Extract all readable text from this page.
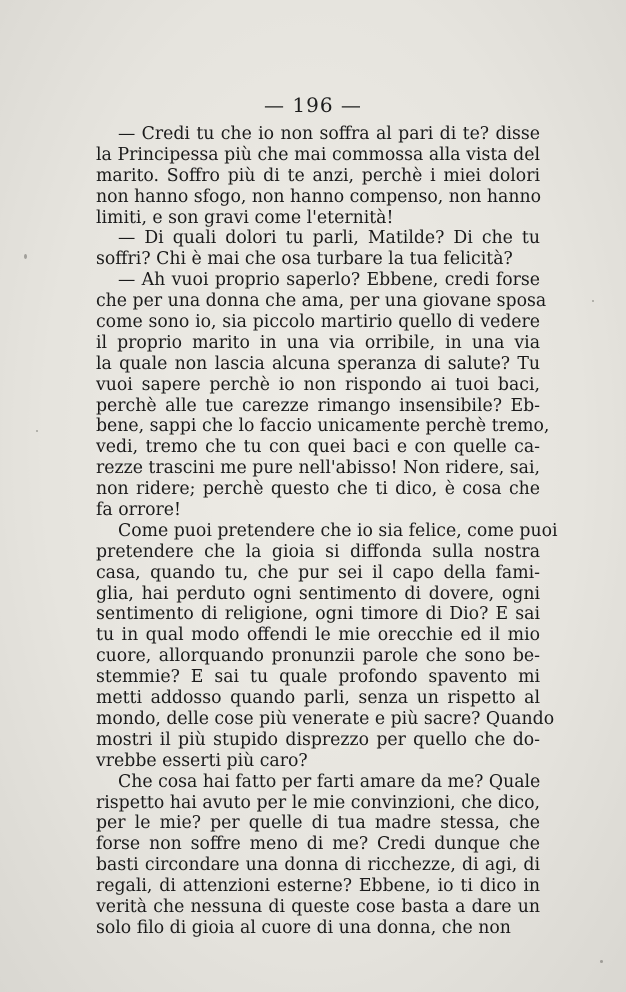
— 196 —
— Credi tu che io non soffra al pari di te? disse
la Principessa più che mai commossa alla vista del
marito. Soffro più di te anzi, perchè i miei dolori
non hanno sfogo, non hanno compenso, non hanno
limiti, e son gravi come l'eternità!
— Di quali dolori tu parli, Matilde? Di che tu
soffri? Chi è mai che osa turbare la tua felicità?
— Ah vuoi proprio saperlo? Ebbene, credi forse
che per una donna che ama, per una giovane sposa
come sono io, sia piccolo martirio quello di vedere
il proprio marito in una via orribile, in una via
la quale non lascia alcuna speranza di salute? Tu
vuoi sapere perchè io non rispondo ai tuoi baci,
perchè alle tue carezze rimango insensibile? Eb-
bene, sappi che lo faccio unicamente perchè tremo,
vedi, tremo che tu con quei baci e con quelle ca-
rezze trascini me pure nell'abisso! Non ridere, sai,
non ridere; perchè questo che ti dico, è cosa che
fa orrore!
Come puoi pretendere che io sia felice, come puoi
pretendere che la gioia si diffonda sulla nostra
casa, quando tu, che pur sei il capo della fami-
glia, hai perduto ogni sentimento di dovere, ogni
sentimento di religione, ogni timore di Dio? E sai
tu in qual modo offendi le mie orecchie ed il mio
cuore, allorquando pronunzii parole che sono be-
stemmie? E sai tu quale profondo spavento mi
metti addosso quando parli, senza un rispetto al
mondo, delle cose più venerate e più sacre? Quando
mostri il più stupido disprezzo per quello che do-
vrebbe esserti più caro?
Che cosa hai fatto per farti amare da me? Quale
rispetto hai avuto per le mie convinzioni, che dico,
per le mie? per quelle di tua madre stessa, che
forse non soffre meno di me? Credi dunque che
basti circondare una donna di ricchezze, di agi, di
regali, di attenzioni esterne? Ebbene, io ti dico in
verità che nessuna di queste cose basta a dare un
solo filo di gioia al cuore di una donna, che non
